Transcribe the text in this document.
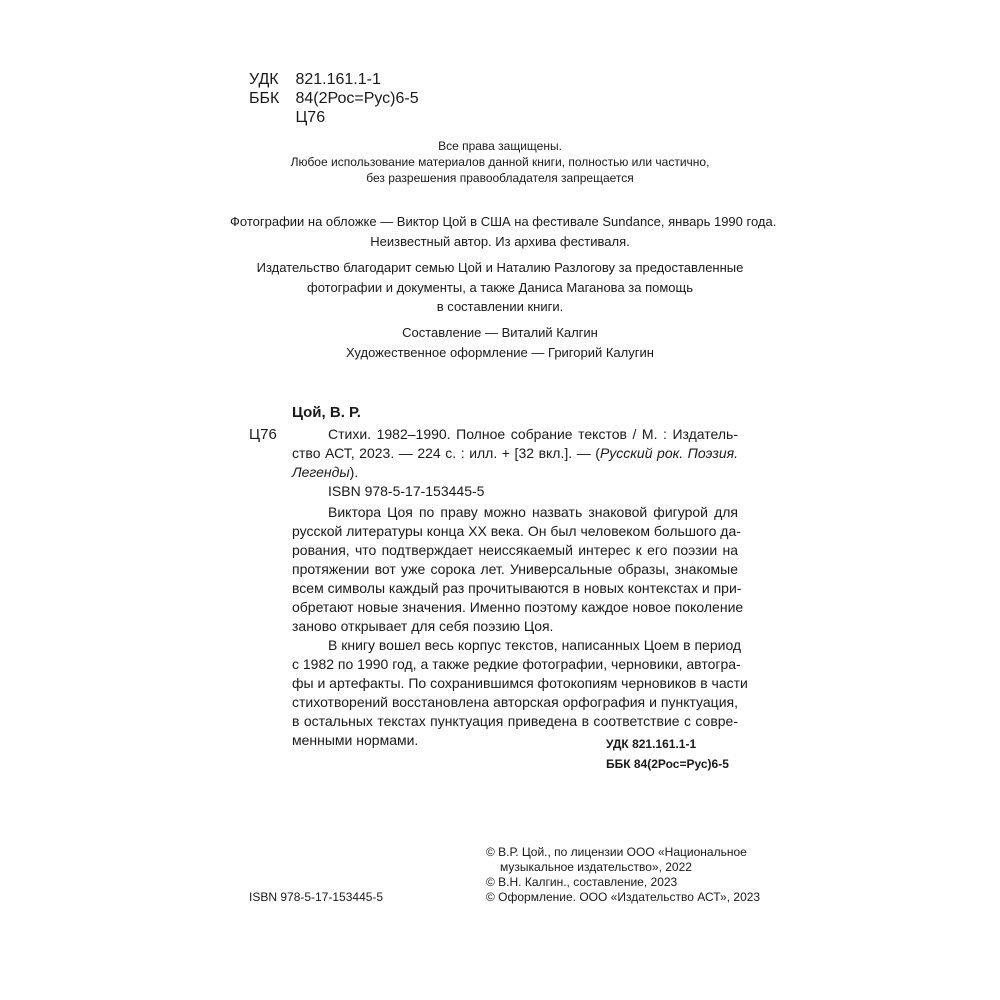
УДК 821.161.1-1
ББК 84(2Рос=Рус)6-5
Ц76
Все права защищены.
Любое использование материалов данной книги, полностью или частично,
без разрешения правообладателя запрещается
Фотографии на обложке — Виктор Цой в США на фестивале Sundance, январь 1990 года.
Неизвестный автор. Из архива фестиваля.
Издательство благодарит семью Цой и Наталию Разлогову за предоставленные
фотографии и документы, а также Даниса Маганова за помощь
в составлении книги.
Составление — Виталий Калгин
Художественное оформление — Григорий Калугин
Цой, В. Р.
Ц76	Стихи. 1982–1990. Полное собрание текстов / М. : Издатель-
ство АСТ, 2023. — 224 с. : илл. + [32 вкл.]. — (Русский рок. Поэзия.
Легенды).
ISBN 978-5-17-153445-5
Виктора Цоя по праву можно назвать знаковой фигурой для
русской литературы конца XX века. Он был человеком большого да-
рования, что подтверждает неиссякаемый интерес к его поэзии на
протяжении вот уже сорока лет. Универсальные образы, знакомые
всем символы каждый раз прочитываются в новых контекстах и при-
обретают новые значения. Именно поэтому каждое новое поколение
заново открывает для себя поэзию Цоя.
В книгу вошел весь корпус текстов, написанных Цоем в период
с 1982 по 1990 год, а также редкие фотографии, черновики, автогра-
фы и артефакты. По сохранившимся фотокопиям черновиков в части
стихотворений восстановлена авторская орфография и пунктуация,
в остальных текстах пунктуация приведена в соответствие с совре-
менными нормами.	УДК 821.161.1-1
ББК 84(2Рос=Рус)6-5
ISBN 978-5-17-153445-5
© В.Р. Цой., по лицензии ООО «Национальное
музыкальное издательство», 2022
© В.Н. Калгин., составление, 2023
© Оформление. ООО «Издательство АСТ», 2023
